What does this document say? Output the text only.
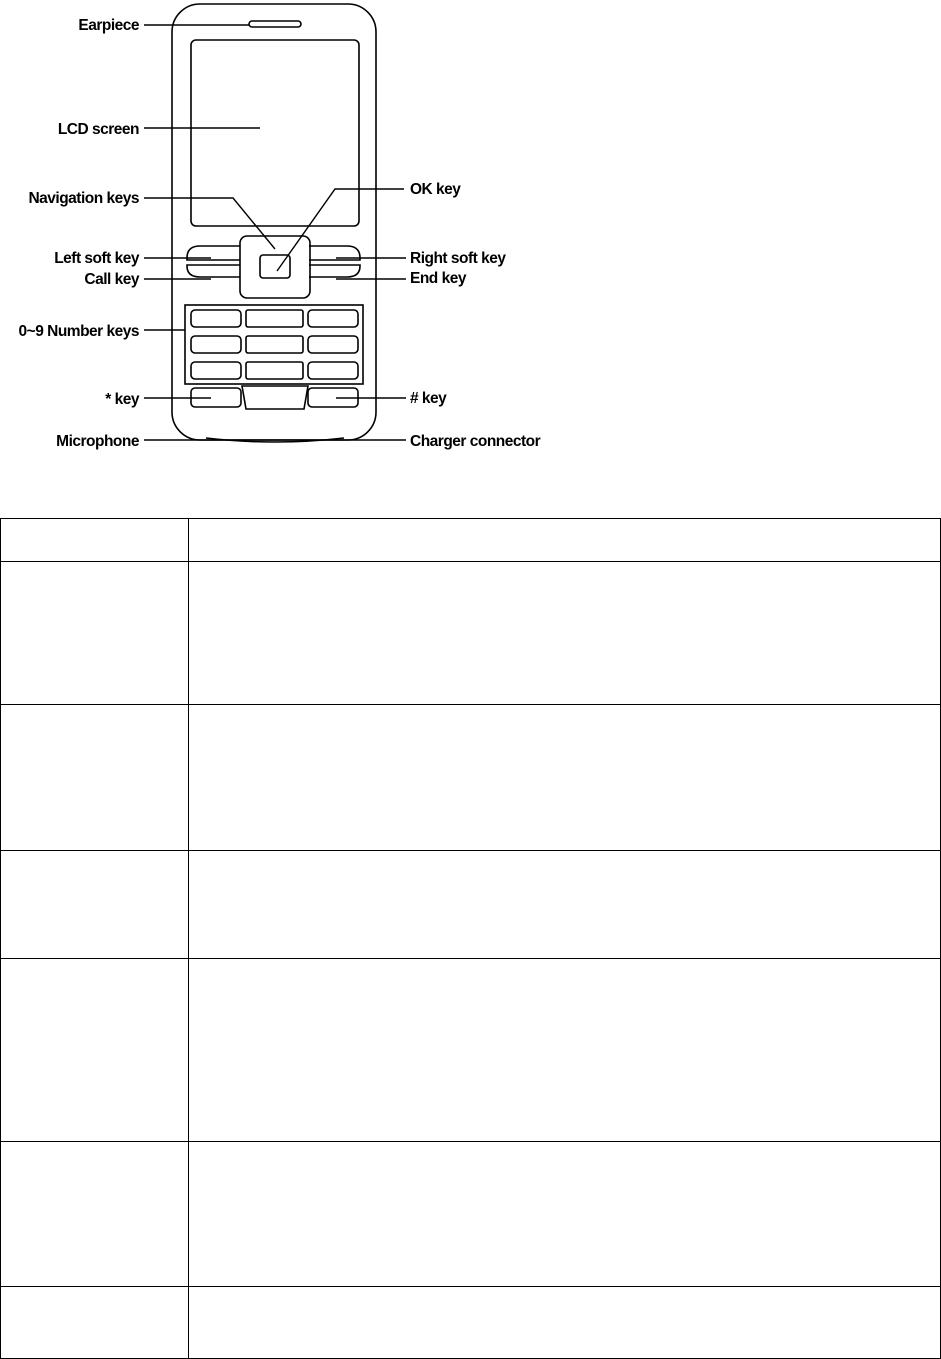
Earpiece
LCD screen
Navigation keys
OK key
Left soft key	Right soft key
Call key	End key
0~9 Number keys
* key	# key
Microphone	Charger connector
